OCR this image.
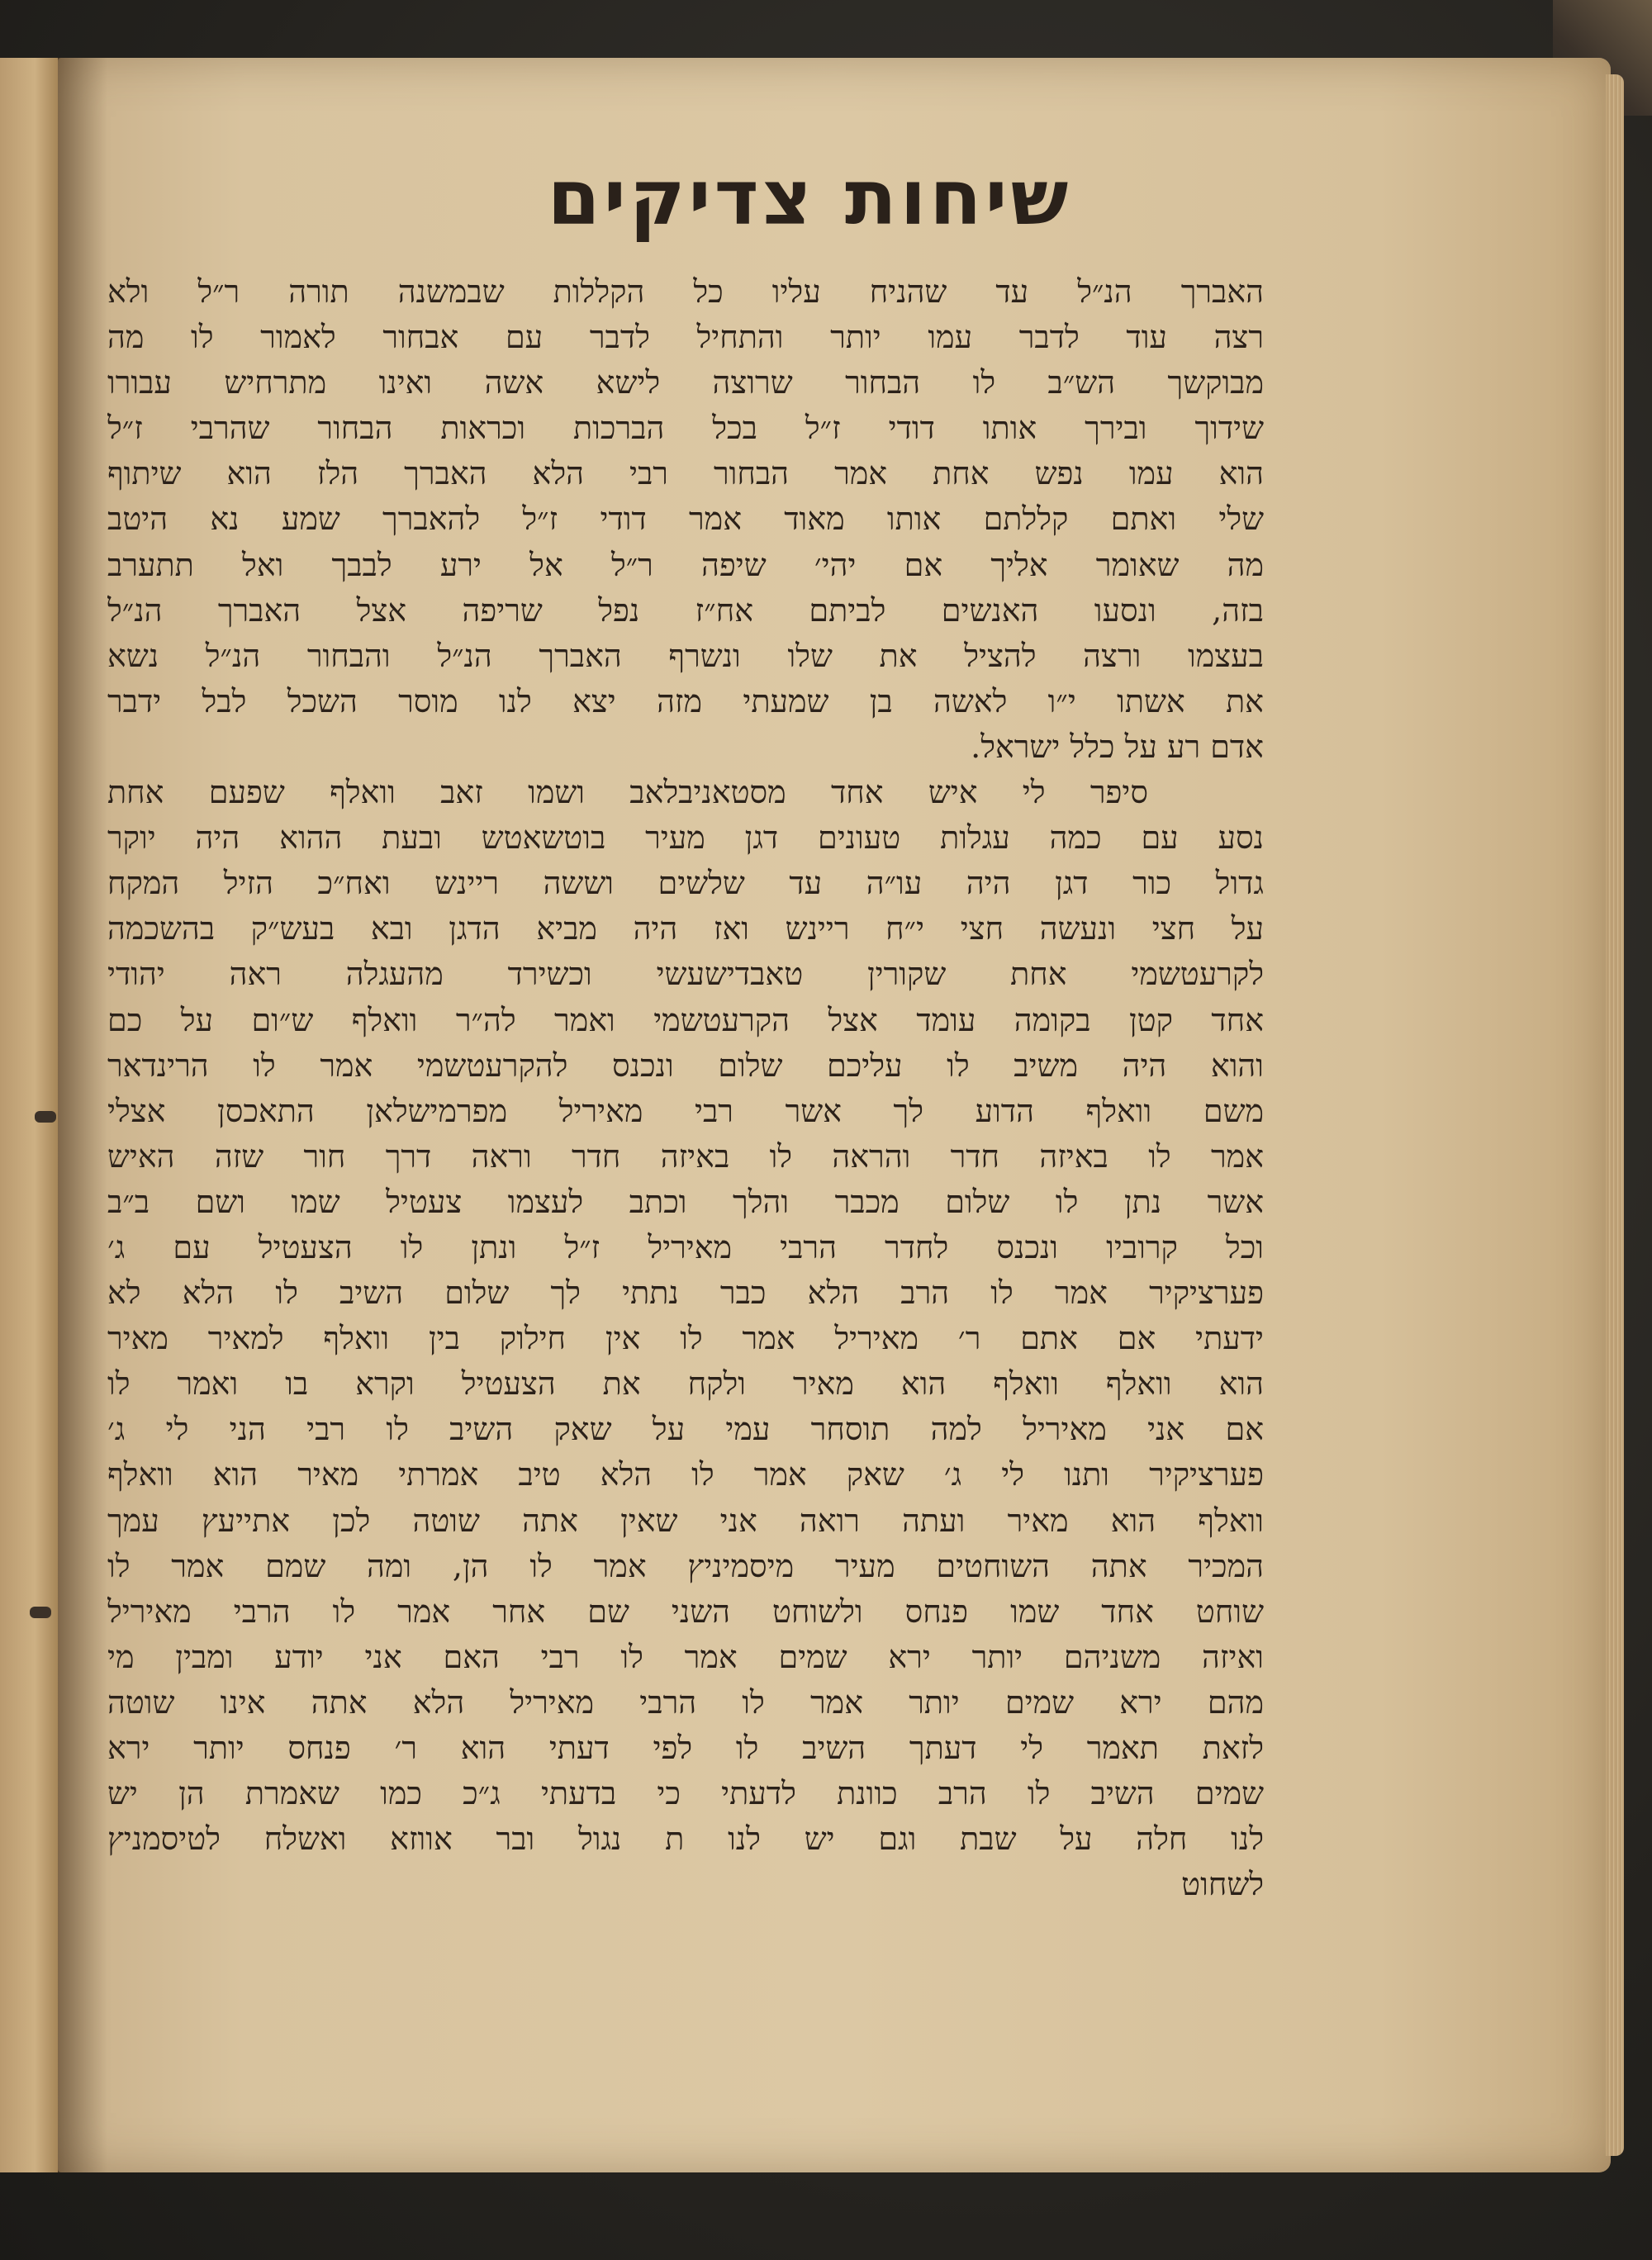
שיחות צדיקים
האברך הנ״ל עד שהניח עליו כל הקללות שבמשנה תורה ר״ל ולא
רצה עוד לדבר עמו יותר והתחיל לדבר עם אבחור לאמור לו מה
מבוקשך הש״ב לו הבחור שרוצה לישא אשה ואינו מתרחיש עבורו
שידוך ובירך אותו דודי ז״ל בכל הברכות וכראות הבחור שהרבי ז״ל
הוא עמו נפש אחת אמר הבחור רבי הלא האברך הלז הוא שיתוף
שלי ואתם קללתם אותו מאוד אמר דודי ז״ל להאברך שמע נא היטב
מה שאומר אליך אם יהי׳ שיפה ר״ל אל ירע לבבך ואל תתערב
בזה, ונסעו האנשים לביתם אח״ז נפל שריפה אצל האברך הנ״ל
בעצמו ורצה להציל את שלו ונשרף האברך הנ״ל והבחור הנ״ל נשא
את אשתו י״ו לאשה בן שמעתי מזה יצא לנו מוסר השכל לבל ידבר
אדם רע על כלל ישראל.
סיפר לי איש אחד מסטאניבלאב ושמו זאב וואלף שפעם אחת
נסע עם כמה עגלות טעונים דגן מעיר בוטשאטש ובעת ההוא היה יוקר
גדול כור דגן היה עו״ה עד שלשים וששה ריינש ואח״כ הזיל המקח
על חצי ונעשה חצי י״ח ריינש ואז היה מביא הדגן ובא בעש״ק בהשכמה
לקרעטשמי אחת שקורין טאבדישעשי וכשירד מהעגלה ראה יהודי
אחד קטן בקומה עומד אצל הקרעטשמי ואמר לה״ר וואלף ש״ום על כם
והוא היה משיב לו עליכם שלום ונכנס להקרעטשמי אמר לו הרינדאר
משם וואלף הדוע לך אשר רבי מאיריל מפרמישלאן התאכסן אצלי
אמר לו באיזה חדר והראה לו באיזה חדר וראה דרך חור שזה האיש
אשר נתן לו שלום מכבר והלך וכתב לעצמו צעטיל שמו ושם ב״ב
וכל קרוביו ונכנס לחדר הרבי מאיריל ז״ל ונתן לו הצעטיל עם ג׳
פערציקיר אמר לו הרב הלא כבר נתתי לך שלום השיב לו הלא לא
ידעתי אם אתם ר׳ מאיריל אמר לו אין חילוק בין וואלף למאיר מאיר
הוא וואלף וואלף הוא מאיר ולקח את הצעטיל וקרא בו ואמר לו
אם אני מאיריל למה תוסחר עמי על שאק השיב לו רבי הני לי ג׳
פערציקיר ותנו לי ג׳ שאק אמר לו הלא טיב אמרתי מאיר הוא וואלף
וואלף הוא מאיר ועתה רואה אני שאין אתה שוטה לכן אתייעץ עמך
המכיר אתה השוחטים מעיר מיסמיניץ אמר לו הן, ומה שמם אמר לו
שוחט אחד שמו פנחס ולשוחט השני שם אחר אמר לו הרבי מאיריל
ואיזה משניהם יותר ירא שמים אמר לו רבי האם אני יודע ומבין מי
מהם ירא שמים יותר אמר לו הרבי מאיריל הלא אתה אינו שוטה
לזאת תאמר לי דעתך השיב לו לפי דעתי הוא ר׳ פנחס יותר ירא
שמים השיב לו הרב כוונת לדעתי כי בדעתי ג״כ כמו שאמרת הן יש
לנו חלה על שבת וגם יש לנו ת נגול ובר אווזא ואשלח לטיסמניץ
לשחוט
